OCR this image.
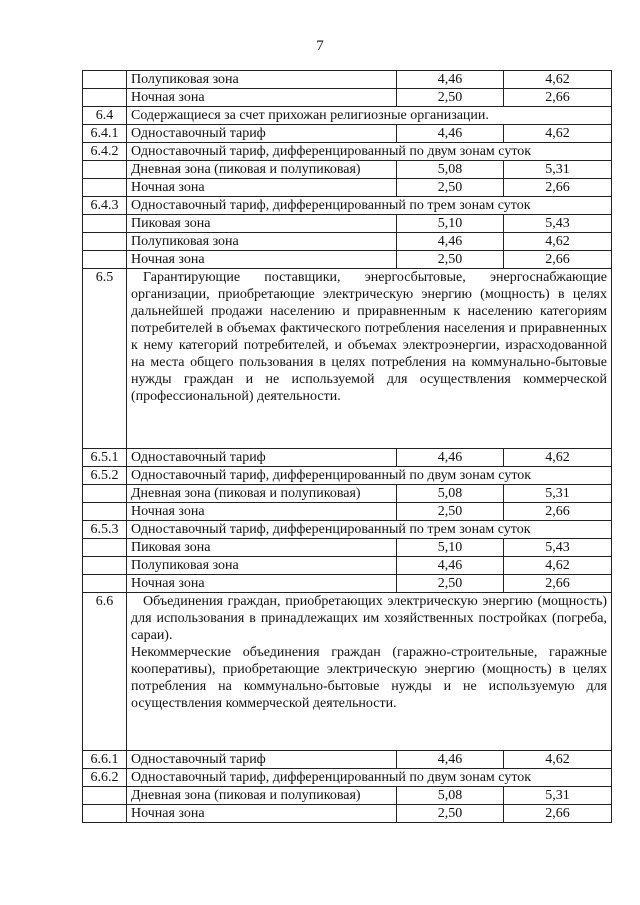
7
	Полупиковая зона	4,46	4,62
	Ночная зона	2,50	2,66
6.4	Содержащиеся за счет прихожан религиозные организации.		
6.4.1	Одноставочный тариф	4,46	4,62
6.4.2	Одноставочный тариф, дифференцированный по двум зонам суток		
	Дневная зона (пиковая и полупиковая)	5,08	5,31
	Ночная зона	2,50	2,66
6.4.3	Одноставочный тариф, дифференцированный по трем зонам суток		
	Пиковая зона	5,10	5,43
	Полупиковая зона	4,46	4,62
	Ночная зона	2,50	2,66
6.5	Гарантирующие поставщики, энергосбытовые, энергоснабжающие организации, приобретающие электрическую энергию (мощность) в целях дальнейшей продажи населению и приравненным к населению категориям потребителей в объемах фактического потребления населения и приравненных к нему категорий потребителей, и объемах электроэнергии, израсходованной на места общего пользования в целях потребления на коммунально-бытовые нужды граждан и не используемой для осуществления коммерческой (профессиональной) деятельности.		

6.5.1	Одноставочный тариф	4,46	4,62
6.5.2	Одноставочный тариф, дифференцированный по двум зонам суток		
	Дневная зона (пиковая и полупиковая)	5,08	5,31
	Ночная зона	2,50	2,66
6.5.3	Одноставочный тариф, дифференцированный по трем зонам суток		
	Пиковая зона	5,10	5,43
	Полупиковая зона	4,46	4,62
	Ночная зона	2,50	2,66
6.6	Объединения граждан, приобретающих электрическую энергию (мощность) для использования в принадлежащих им хозяйственных постройках (погреба, сараи).

Некоммерческие объединения граждан (гаражно-строительные, гаражные кооперативы), приобретающие электрическую энергию (мощность) в целях потребления на коммунально-бытовые нужды и не используемую для осуществления коммерческой деятельности.		

6.6.1	Одноставочный тариф	4,46	4,62
6.6.2	Одноставочный тариф, дифференцированный по двум зонам суток		
	Дневная зона (пиковая и полупиковая)	5,08	5,31
	Ночная зона	2,50	2,66
